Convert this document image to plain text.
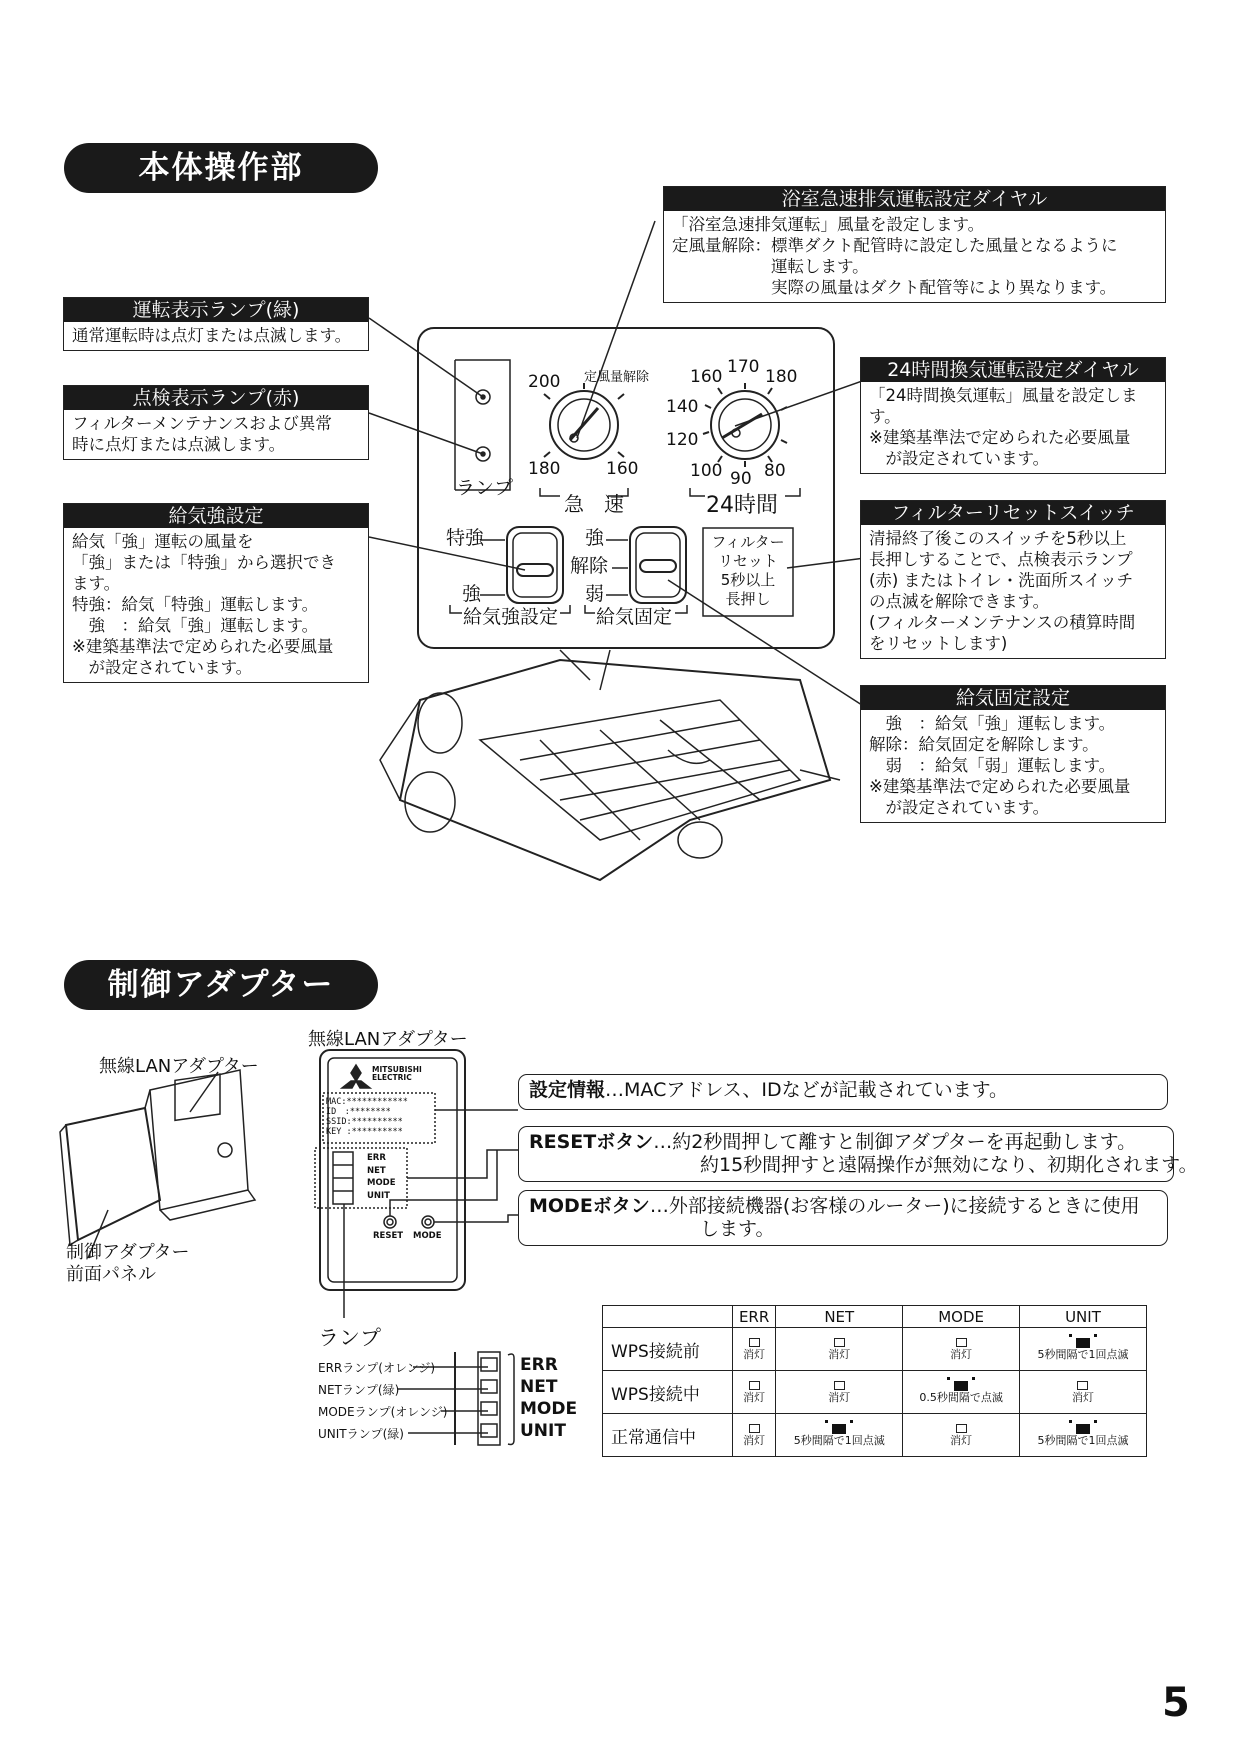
本体操作部
ランプ
定風量解除
200
180	160
急　速
160 170 180
140
120
100 90 80
24時間
特強
強
給気強設定
強
解除
弱
給気固定
フィルター
リセット
5秒以上
長押し
浴室急速排気運転設定ダイヤル
「浴室急速排気運転」風量を設定します。
定風量解除：標準ダクト配管時に設定した風量となるように
　　　　　　運転します。
　　　　　　実際の風量はダクト配管等により異なります。
運転表示ランプ(緑)
通常運転時は点灯または点滅します。
点検表示ランプ(赤)
フィルターメンテナンスおよび異常
時に点灯または点滅します。
24時間換気運転設定ダイヤル
「24時間換気運転」風量を設定しま
す。
※建築基準法で定められた必要風量
　が設定されています。
給気強設定
給気「強」運転の風量を
「強」または「特強」から選択でき
ます。
特強：給気「特強」運転します。
　強　：給気「強」運転します。
※建築基準法で定められた必要風量
　が設定されています。
フィルターリセットスイッチ
清掃終了後このスイッチを5秒以上
長押しすることで、点検表示ランプ
(赤) またはトイレ・洗面所スイッチ
の点滅を解除できます。
(フィルターメンテナンスの積算時間
をリセットします)
給気固定設定
　強　：給気「強」運転します。
解除：給気固定を解除します。
　弱　：給気「弱」運転します。
※建築基準法で定められた必要風量
　が設定されています。
制御アダプター
無線LANアダプター
制御アダプター
前面パネル
無線LANアダプター
MITSUBISHI
ELECTRIC
MAC:************
ID　:********
SSID:**********
KEY :**********
ERR
NET
MODE
UNIT
RESET MODE
ランプ
ERRランプ(オレンジ)
NETランプ(緑)
MODEランプ(オレンジ)
UNITランプ(緑)
ERR
NET
MODE
UNIT
設定情報…MACアドレス、IDなどが記載されています。
RESETボタン…約2秒間押して離すと制御アダプターを再起動します。
　　　　　　　　　約15秒間押すと遠隔操作が無効になり、初期化されます。
MODEボタン…外部接続機器(お客様のルーター)に接続するときに使用
　　　　　　　　　します。
	ERR	NET	MODE	UNIT
WPS接続前	消灯	消灯	消灯	5秒間隔で1回点滅

WPS接続中	消灯	消灯	0.5秒間隔で点滅	消灯

正常通信中	消灯	5秒間隔で1回点滅	消灯	5秒間隔で1回点滅
5
